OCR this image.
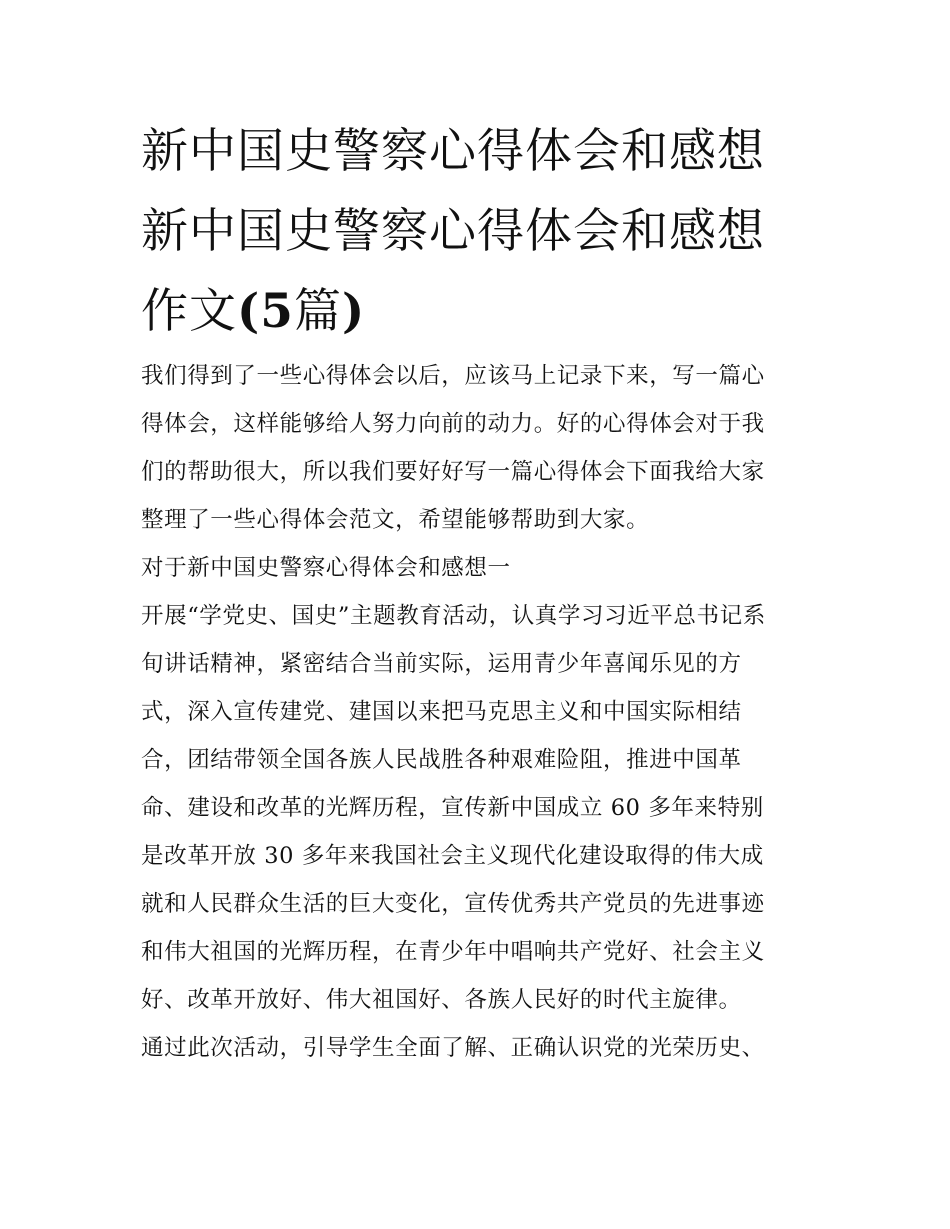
新中国史警察心得体会和感想
新中国史警察心得体会和感想
作文(5篇)

我们得到了一些心得体会以后，应该马上记录下来，写一篇心
得体会，这样能够给人努力向前的动力。好的心得体会对于我
们的帮助很大，所以我们要好好写一篇心得体会下面我给大家
整理了一些心得体会范文，希望能够帮助到大家。

对于新中国史警察心得体会和感想一

开展“学党史、国史”主题教育活动，认真学习习近平总书记系
旬讲话精神，紧密结合当前实际，运用青少年喜闻乐见的方
式，深入宣传建党、建国以来把马克思主义和中国实际相结
合，团结带领全国各族人民战胜各种艰难险阻，推进中国革
命、建设和改革的光辉历程，宣传新中国成立 60 多年来特别
是改革开放 30 多年来我国社会主义现代化建设取得的伟大成
就和人民群众生活的巨大变化，宣传优秀共产党员的先进事迹
和伟大祖国的光辉历程，在青少年中唱响共产党好、社会主义
好、改革开放好、伟大祖国好、各族人民好的时代主旋律。
通过此次活动，引导学生全面了解、正确认识党的光荣历史、
